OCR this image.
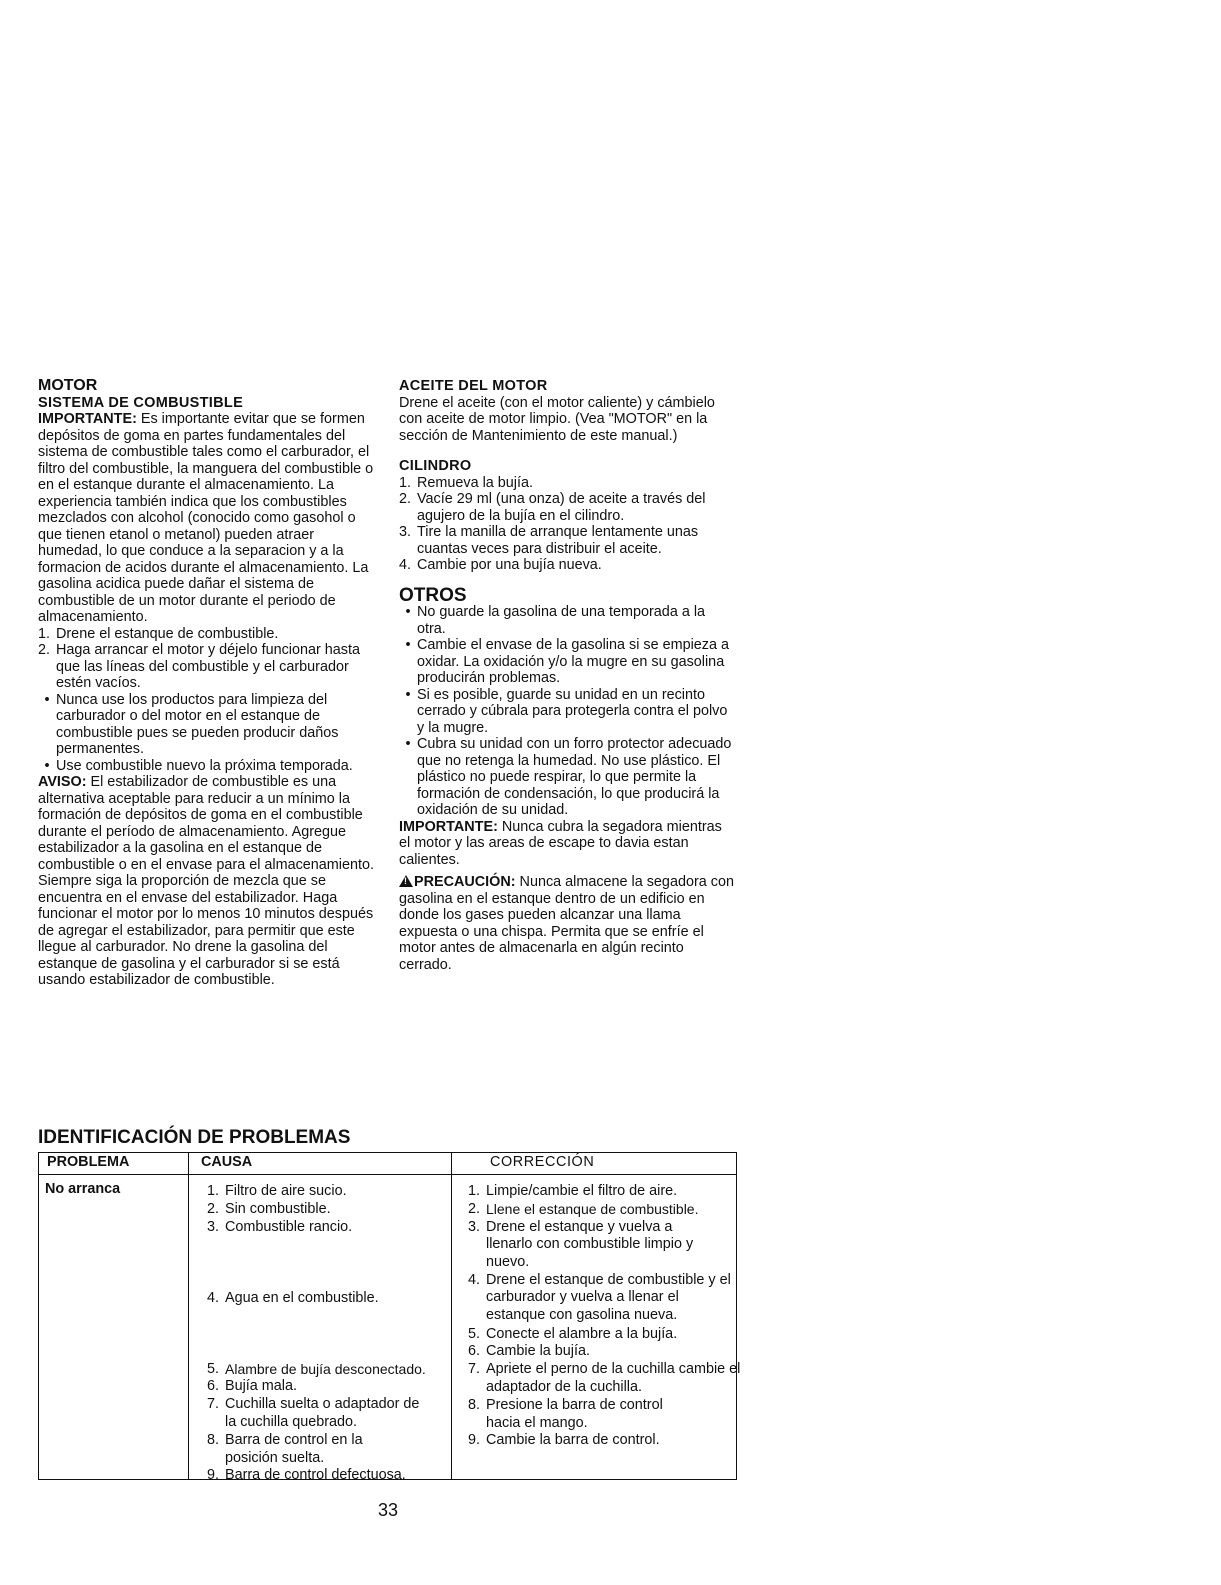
MOTOR

SISTEMA DE COMBUSTIBLE

IMPORTANTE: Es importante evitar que se formen depósitos de goma en partes fundamentales del sistema de combustible tales como el carburador, el filtro del combustible, la manguera del combustible o en el estanque durante el almacenamiento. La experiencia también indica que los combustibles mezclados con alcohol (conocido como gasohol o que tienen etanol o metanol) pueden atraer humedad, lo que conduce a la separacion y a la formacion de acidos durante el almacenamiento. La gasolina acidica puede dañar el sistema de combustible de un motor durante el periodo de almacenamiento.

1. Drene el estanque de combustible.
2. Haga arrancar el motor y déjelo funcionar hasta que las líneas del combustible y el carburador estén vacíos.
• Nunca use los productos para limpieza del carburador o del motor en el estanque de combustible pues se pueden producir daños permanentes.
• Use combustible nuevo la próxima temporada.

AVISO: El estabilizador de combustible es una alternativa aceptable para reducir a un mínimo la formación de depósitos de goma en el combustible durante el período de almacenamiento. Agregue estabilizador a la gasolina en el estanque de combustible o en el envase para el almacenamiento. Siempre siga la proporción de mezcla que se encuentra en el envase del estabilizador. Haga funcionar el motor por lo menos 10 minutos después de agregar el estabilizador, para permitir que este llegue al carburador. No drene la gasolina del estanque de gasolina y el carburador si se está usando estabilizador de combustible.

ACEITE DEL MOTOR

Drene el aceite (con el motor caliente) y cámbielo con aceite de motor limpio. (Vea "MOTOR" en la sección de Mantenimiento de este manual.)

CILINDRO

1. Remueva la bujía.
2. Vacíe 29 ml (una onza) de aceite a través del agujero de la bujía en el cilindro.
3. Tire la manilla de arranque lentamente unas cuantas veces para distribuir el aceite.
4. Cambie por una bujía nueva.

OTROS

• No guarde la gasolina de una temporada a la otra.
• Cambie el envase de la gasolina si se empieza a oxidar. La oxidación y/o la mugre en su gasolina producirán problemas.
• Si es posible, guarde su unidad en un recinto cerrado y cúbrala para protegerla contra el polvo y la mugre.
• Cubra su unidad con un forro protector adecuado que no retenga la humedad. No use plástico. El plástico no puede respirar, lo que permite la formación de condensación, lo que producirá la oxidación de su unidad.

IMPORTANTE: Nunca cubra la segadora mientras el motor y las areas de escape to davia estan calientes.

!PRECAUCIÓN: Nunca almacene la segadora con gasolina en el estanque dentro de un edificio en donde los gases pueden alcanzar una llama expuesta o una chispa. Permita que se enfríe el motor antes de almacenarla en algún recinto cerrado.

IDENTIFICACIÓN DE PROBLEMAS
PROBLEMA
No arranca
CAUSA
1. Filtro de aire sucio.
2. Sin combustible.
3. Combustible rancio.
4. Agua en el combustible.
5. Alambre de bujía desconectado.
6. Bujía mala.
7. Cuchilla suelta o adaptador de la cuchilla quebrado.
8. Barra de control en la posición suelta.
9. Barra de control defectuosa.
CORRECCIÓN
1. Limpie/cambie el filtro de aire.
2. Llene el estanque de combustible.
3. Drene el estanque y vuelva a llenarlo con combustible limpio y nuevo.
4. Drene el estanque de combustible y el carburador y vuelva a llenar el estanque con gasolina nueva.
5. Conecte el alambre a la bujía.
6. Cambie la bujía.
7. Apriete el perno de la cuchilla cambie el adaptador de la cuchilla.
8. Presione la barra de control hacia el mango.
9. Cambie la barra de control.
33
